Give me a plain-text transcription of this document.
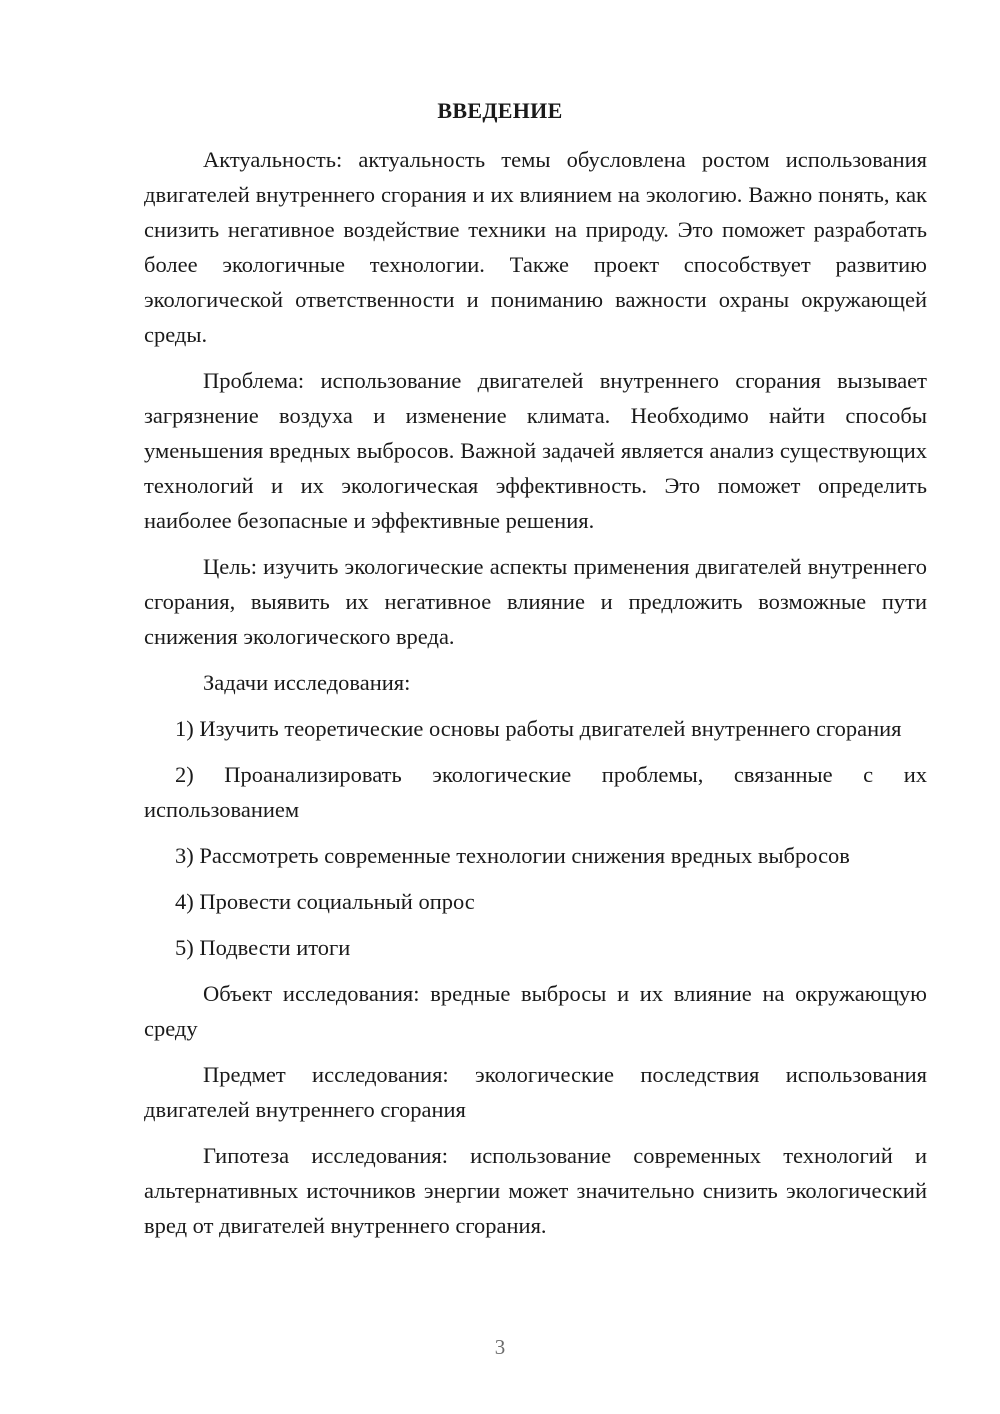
ВВЕДЕНИЕ

Актуальность: актуальность темы обусловлена ростом использования двигателей внутреннего сгорания и их влиянием на экологию. Важно понять, как снизить негативное воздействие техники на природу. Это поможет разработать более экологичные технологии. Также проект способствует развитию экологической ответственности и пониманию важности охраны окружающей среды.

Проблема: использование двигателей внутреннего сгорания вызывает загрязнение воздуха и изменение климата. Необходимо найти способы уменьшения вредных выбросов. Важной задачей является анализ существующих технологий и их экологическая эффективность. Это поможет определить наиболее безопасные и эффективные решения.

Цель: изучить экологические аспекты применения двигателей внутреннего сгорания, выявить их негативное влияние и предложить возможные пути снижения экологического вреда.

Задачи исследования:

1) Изучить теоретические основы работы двигателей внутреннего сгорания

2) Проанализировать экологические проблемы, связанные с их использованием

3) Рассмотреть современные технологии снижения вредных выбросов

4) Провести социальный опрос

5) Подвести итоги

Объект исследования: вредные выбросы и их влияние на окружающую среду

Предмет исследования: экологические последствия использования двигателей внутреннего сгорания

Гипотеза исследования: использование современных технологий и альтернативных источников энергии может значительно снизить экологический вред от двигателей внутреннего сгорания.

3
